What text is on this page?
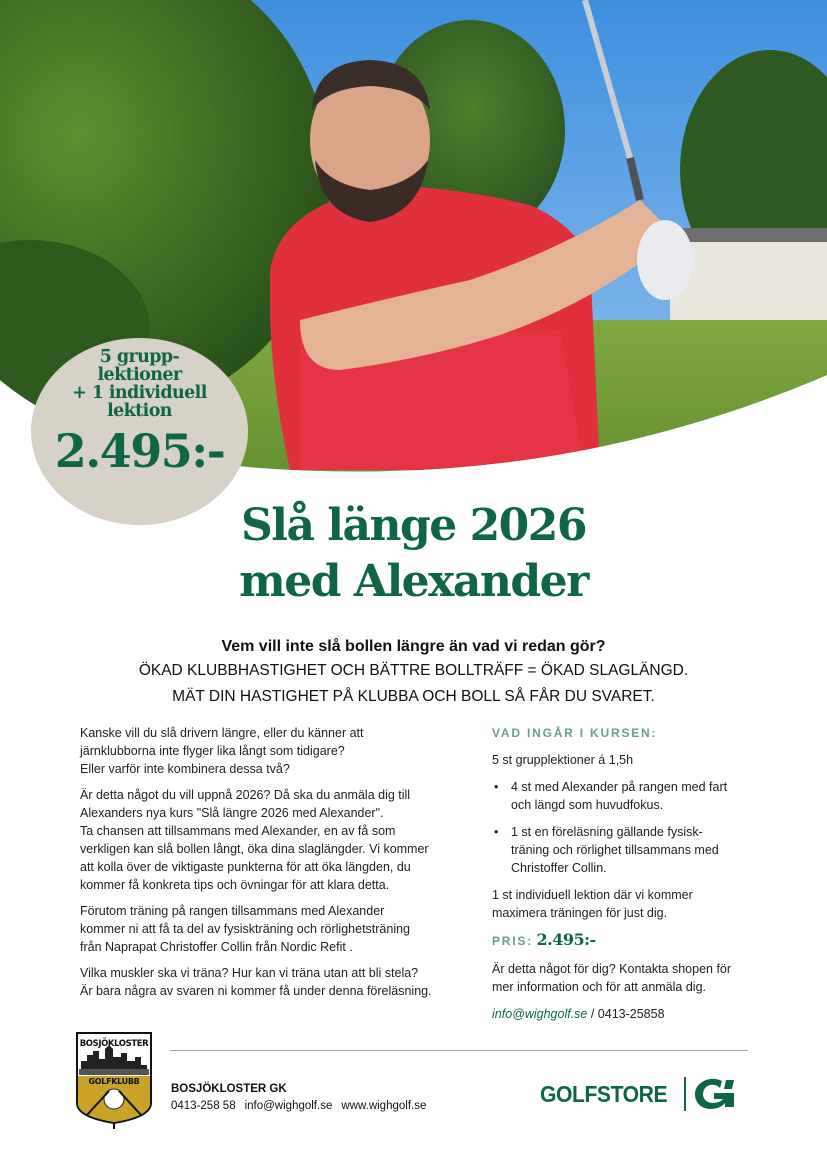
5 grupp-
lektioner
+ 1 individuell
lektion
2.495:-
Slå länge 2026
med Alexander
Vem vill inte slå bollen längre än vad vi redan gör?
ÖKAD KLUBBHASTIGHET OCH BÄTTRE BOLLTRÄFF = ÖKAD SLAGLÄNGD.
MÄT DIN HASTIGHET PÅ KLUBBA OCH BOLL SÅ FÅR DU SVARET.

Kanske vill du slå drivern längre, eller du känner att
järnklubborna inte flyger lika långt som tidigare?
Eller varför inte kombinera dessa två?

Är detta något du vill uppnå 2026? Då ska du anmäla dig till
Alexanders nya kurs "Slå längre 2026 med Alexander".
Ta chansen att tillsammans med Alexander, en av få som
verkligen kan slå bollen långt, öka dina slaglängder. Vi kommer
att kolla över de viktigaste punkterna för att öka längden, du
kommer få konkreta tips och övningar för att klara detta.

Förutom träning på rangen tillsammans med Alexander
kommer ni att få ta del av fysiskträning och rörlighetsträning
från Naprapat Christoffer Collin från Nordic Refit .

Vilka muskler ska vi träna? Hur kan vi träna utan att bli stela?
Är bara några av svaren ni kommer få under denna föreläsning.

VAD INGÅR I KURSEN:

5 st grupplektioner á 1,5h

• 4 st med Alexander på rangen med fart
och längd som huvudfokus.
• 1 st en föreläsning gällande fysisk-
träning och rörlighet tillsammans med
Christoffer Collin.

1 st individuell lektion där vi kommer
maximera träningen för just dig.

PRIS: 2.495:-

Är detta något för dig? Kontakta shopen för
mer information och för att anmäla dig.

info@wighgolf.se / 0413-25858

BOSJÖKLOSTER
GOLFKLUBB
BOSJÖKLOSTER GK
0413-258 58 info@wighgolf.se www.wighgolf.se	GOLFSTORE
